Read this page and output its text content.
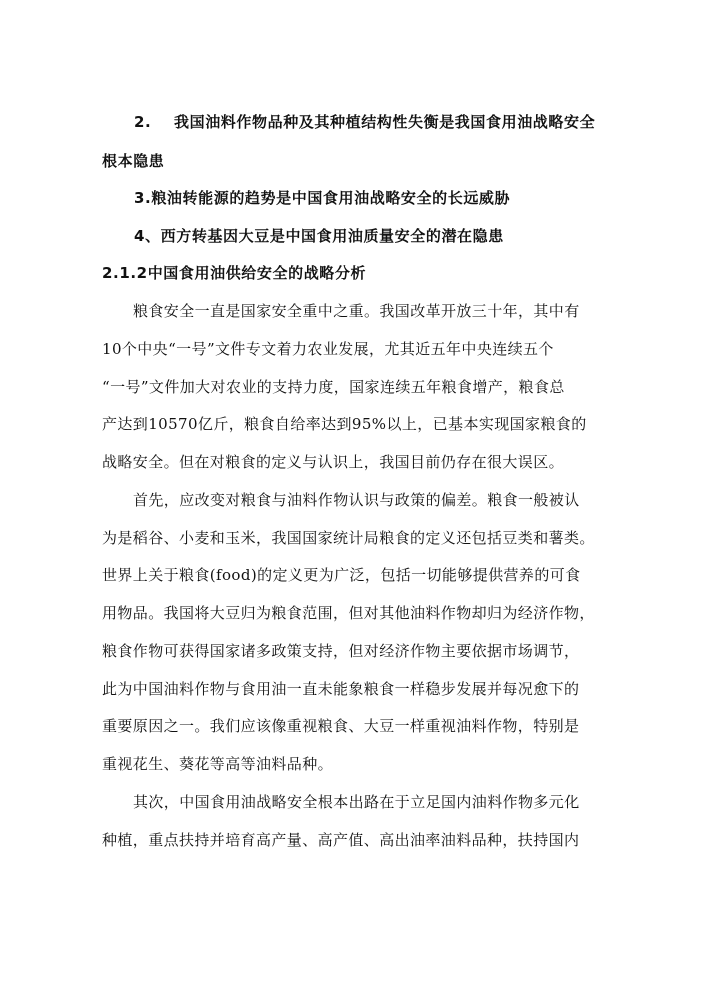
2. 我国油料作物品种及其种植结构性失衡是我国食用油战略安全
根本隐患
3.粮油转能源的趋势是中国食用油战略安全的长远威胁
4、西方转基因大豆是中国食用油质量安全的潜在隐患
2.1.2中国食用油供给安全的战略分析
粮食安全一直是国家安全重中之重。我国改革开放三十年，其中有
10个中央“一号”文件专文着力农业发展，尤其近五年中央连续五个
“一号”文件加大对农业的支持力度，国家连续五年粮食增产，粮食总
产达到10570亿斤，粮食自给率达到95%以上，已基本实现国家粮食的
战略安全。但在对粮食的定义与认识上，我国目前仍存在很大误区。
首先，应改变对粮食与油料作物认识与政策的偏差。粮食一般被认
为是稻谷、小麦和玉米，我国国家统计局粮食的定义还包括豆类和薯类。
世界上关于粮食(food)的定义更为广泛，包括一切能够提供营养的可食
用物品。我国将大豆归为粮食范围，但对其他油料作物却归为经济作物，
粮食作物可获得国家诸多政策支持，但对经济作物主要依据市场调节，
此为中国油料作物与食用油一直未能象粮食一样稳步发展并每况愈下的
重要原因之一。我们应该像重视粮食、大豆一样重视油料作物，特别是
重视花生、葵花等高等油料品种。
其次，中国食用油战略安全根本出路在于立足国内油料作物多元化
种植，重点扶持并培育高产量、高产值、高出油率油料品种，扶持国内
